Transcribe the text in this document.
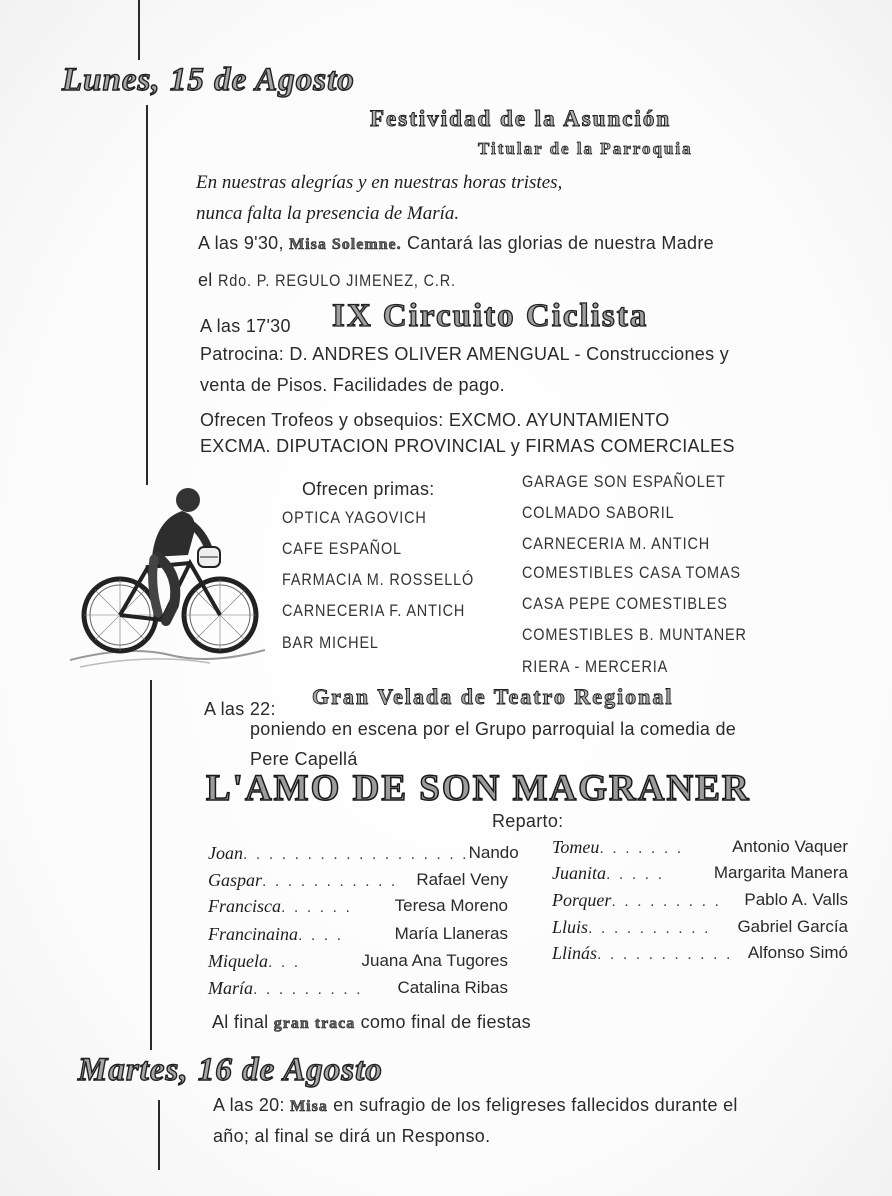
Lunes, 15 de Agosto
Festividad de la Asunción
Titular de la Parroquia
En nuestras alegrías y en nuestras horas tristes,
nunca falta la presencia de María.
A las 9'30, Misa Solemne. Cantará las glorias de nuestra Madre
el Rdo. P. REGULO JIMENEZ, C.R.
A las 17'30 IX Circuito Ciclista
Patrocina: D. ANDRES OLIVER AMENGUAL - Construcciones y
venta de Pisos. Facilidades de pago.
Ofrecen Trofeos y obsequios: EXCMO. AYUNTAMIENTO
EXCMA. DIPUTACION PROVINCIAL y FIRMAS COMERCIALES
Ofrecen primas:
OPTICA YAGOVICH
CAFE ESPAÑOL
FARMACIA M. ROSSELLÓ
CARNECERIA F. ANTICH
BAR MICHEL
GARAGE SON ESPAÑOLET
COLMADO SABORIL
CARNECERIA M. ANTICH
COMESTIBLES CASA TOMAS
CASA PEPE COMESTIBLES
COMESTIBLES B. MUNTANER
RIERA - MERCERIA
A las 22: Gran Velada de Teatro Regional
poniendo en escena por el Grupo parroquial la comedia de
Pere Capellá
L'AMO DE SON MAGRANER
Reparto:
Joan. . . . . . . . . . . . . . . . . . Nando
Gaspar. . . . . . . . . . . Rafael Veny
Francisca. . . . . .	Teresa Moreno
Francinaina. . . .	María Llaneras
Miquela. . .	Juana Ana Tugores
María. . . . . . . . . Catalina Ribas
Tomeu. . . . . . .	Antonio Vaquer
Juanita. . . . .	Margarita Manera
Porquer. . . . . . . . . Pablo A. Valls
Lluis. . . . . . . . . . Gabriel García
Llinás. . . . . . . . . . . Alfonso Simó
Al final gran traca como final de fiestas
Martes, 16 de Agosto
A las 20: Misa en sufragio de los feligreses fallecidos durante el
año; al final se dirá un Responso.
